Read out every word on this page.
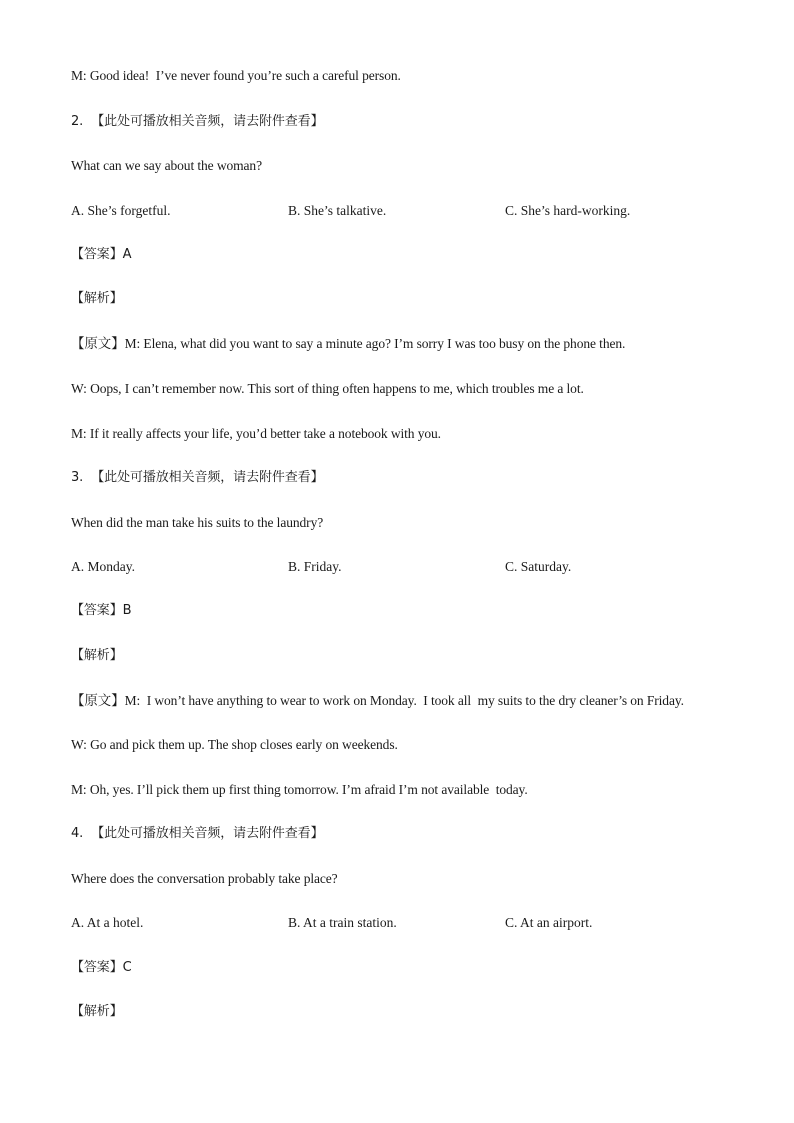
M: Good idea!  I’ve never found you’re such a careful person.
2.  【此处可播放相关音频，请去附件查看】
What can we say about the woman?
A. She’s forgetful.	B. She’s talkative.	C. She’s hard-working.
【答案】A
【解析】
【原文】M: Elena, what did you want to say a minute ago? I’m sorry I was too busy on the phone then.
W: Oops, I can’t remember now. This sort of thing often happens to me, which troubles me a lot.
M: If it really affects your life, you’d better take a notebook with you.
3.  【此处可播放相关音频，请去附件查看】
When did the man take his suits to the laundry?
A. Monday.	B. Friday.	C. Saturday.
【答案】B
【解析】
【原文】M:  I won’t have anything to wear to work on Monday.  I took all  my suits to the dry cleaner’s on Friday.
W: Go and pick them up. The shop closes early on weekends.
M: Oh, yes. I’ll pick them up first thing tomorrow. I’m afraid I’m not available  today.
4.  【此处可播放相关音频，请去附件查看】
Where does the conversation probably take place?
A. At a hotel.	B. At a train station.	C. At an airport.
【答案】C
【解析】
